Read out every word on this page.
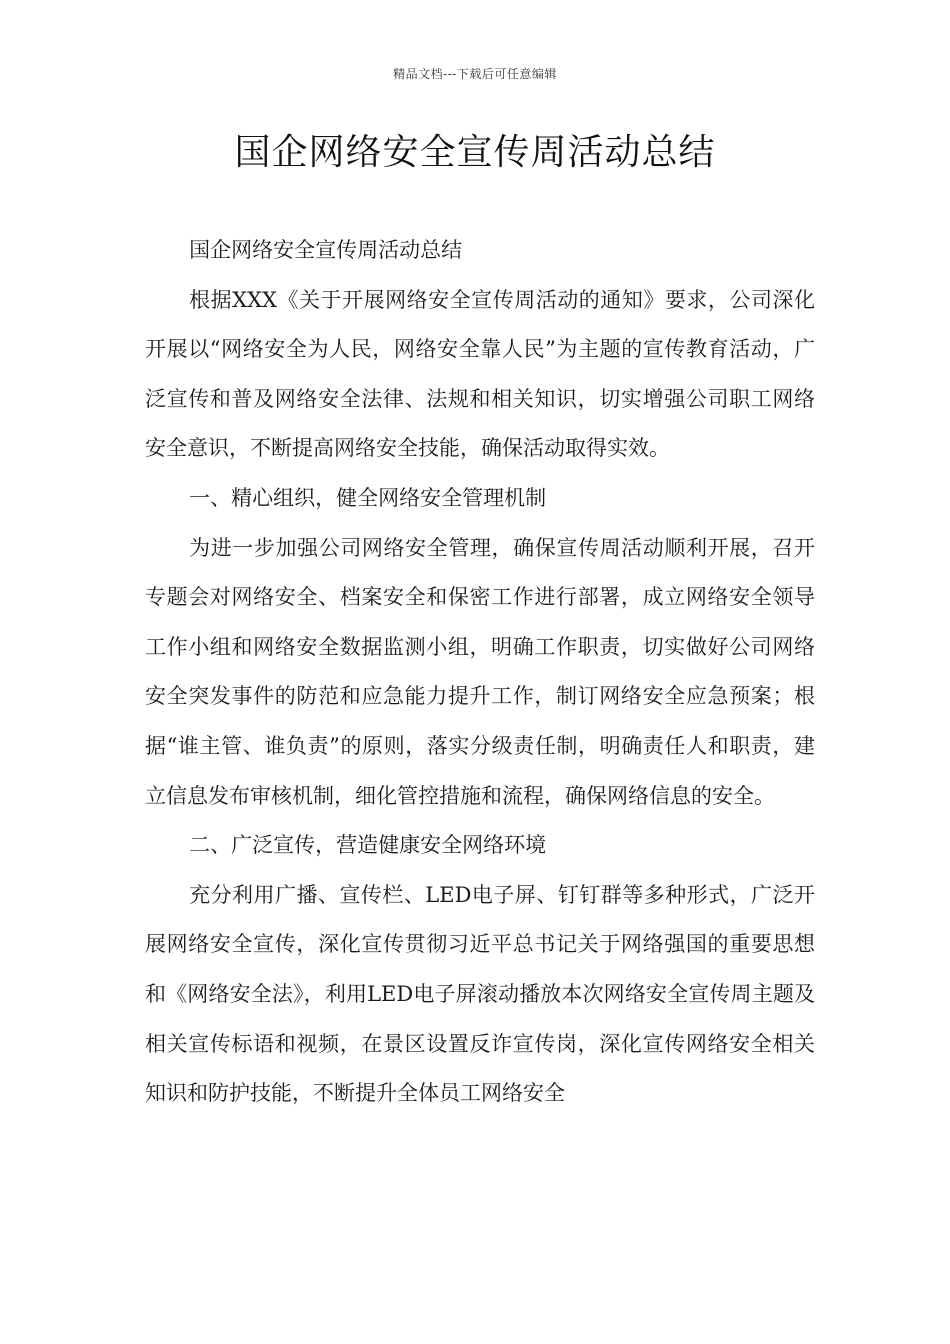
精品文档---下载后可任意编辑
国企网络安全宣传周活动总结

国企网络安全宣传周活动总结

根据XXX《关于开展网络安全宣传周活动的通知》要求，公司深化开展以“网络安全为人民，网络安全靠人民”为主题的宣传教育活动，广泛宣传和普及网络安全法律、法规和相关知识，切实增强公司职工网络安全意识，不断提高网络安全技能，确保活动取得实效。

一、精心组织，健全网络安全管理机制

为进一步加强公司网络安全管理，确保宣传周活动顺利开展，召开专题会对网络安全、档案安全和保密工作进行部署，成立网络安全领导工作小组和网络安全数据监测小组，明确工作职责，切实做好公司网络安全突发事件的防范和应急能力提升工作，制订网络安全应急预案；根据“谁主管、谁负责”的原则，落实分级责任制，明确责任人和职责，建立信息发布审核机制，细化管控措施和流程，确保网络信息的安全。

二、广泛宣传，营造健康安全网络环境

充分利用广播、宣传栏、LED电子屏、钉钉群等多种形式，广泛开展网络安全宣传，深化宣传贯彻习近平总书记关于网络强国的重要思想和《网络安全法》，利用LED电子屏滚动播放本次网络安全宣传周主题及相关宣传标语和视频，在景区设置反诈宣传岗，深化宣传网络安全相关知识和防护技能，不断提升全体员工网络安全
